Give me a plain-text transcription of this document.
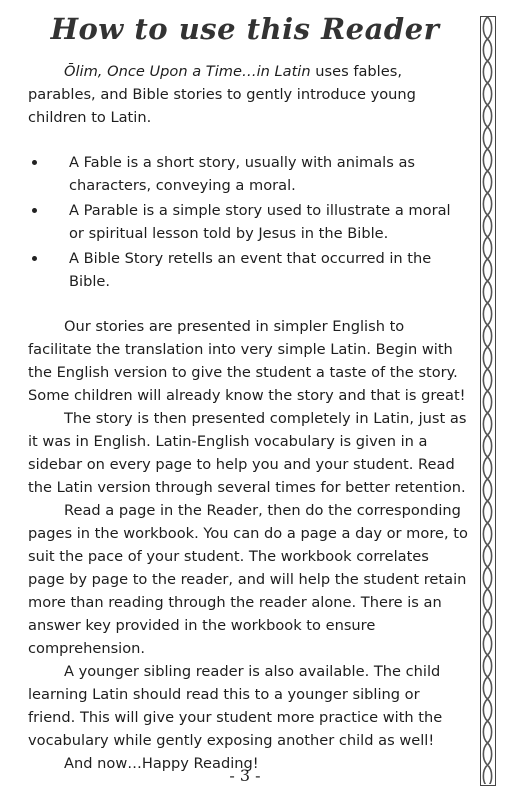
How to use this Reader

Ōlim, Once Upon a Time…in Latin uses fables, parables, and Bible stories to gently introduce young children to Latin.

A Fable is a short story, usually with animals as characters, conveying a moral.
A Parable is a simple story used to illustrate a moral or spiritual lesson told by Jesus in the Bible.
A Bible Story retells an event that occurred in the Bible.

Our stories are presented in simpler English to facilitate the translation into very simple Latin. Begin with the English version to give the student a taste of the story. Some children will already know the story and that is great!

The story is then presented completely in Latin, just as it was in English. Latin-English vocabulary is given in a sidebar on every page to help you and your student. Read the Latin version through several times for better retention.

Read a page in the Reader, then do the corresponding pages in the workbook. You can do a page a day or more, to suit the pace of your student. The workbook correlates page by page to the reader, and will help the student retain more than reading through the reader alone. There is an answer key provided in the workbook to ensure comprehension.

A younger sibling reader is also available. The child learning Latin should read this to a younger sibling or friend. This will give your student more practice with the vocabulary while gently exposing another child as well!

And now…Happy Reading!

- 3 -
